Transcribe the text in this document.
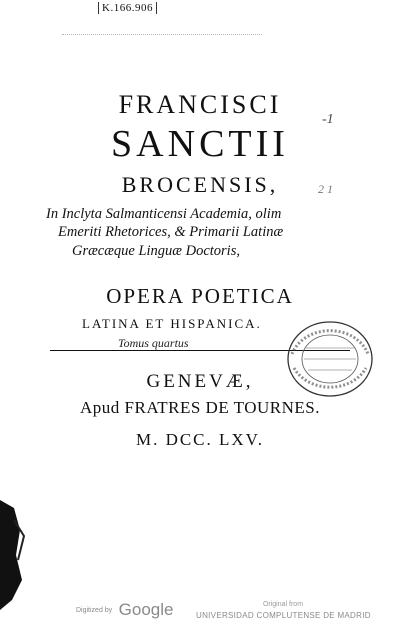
K.166.906
FRANCISCI
SANCTII
BROCENSIS,
In Inclyta Salmanticensi Academia, olim
Emeriti Rhetorices, & Primarii Latinæ
Græcæque Linguæ Doctoris,
OPERA POETICA
LATINA ET HISPANICA.
Tomus quartus
-1
2 1
GENEVÆ,
Apud FRATRES DE TOURNES.
M. DCC. LXV.
Digitized by Google	Original from
UNIVERSIDAD COMPLUTENSE DE MADRID
